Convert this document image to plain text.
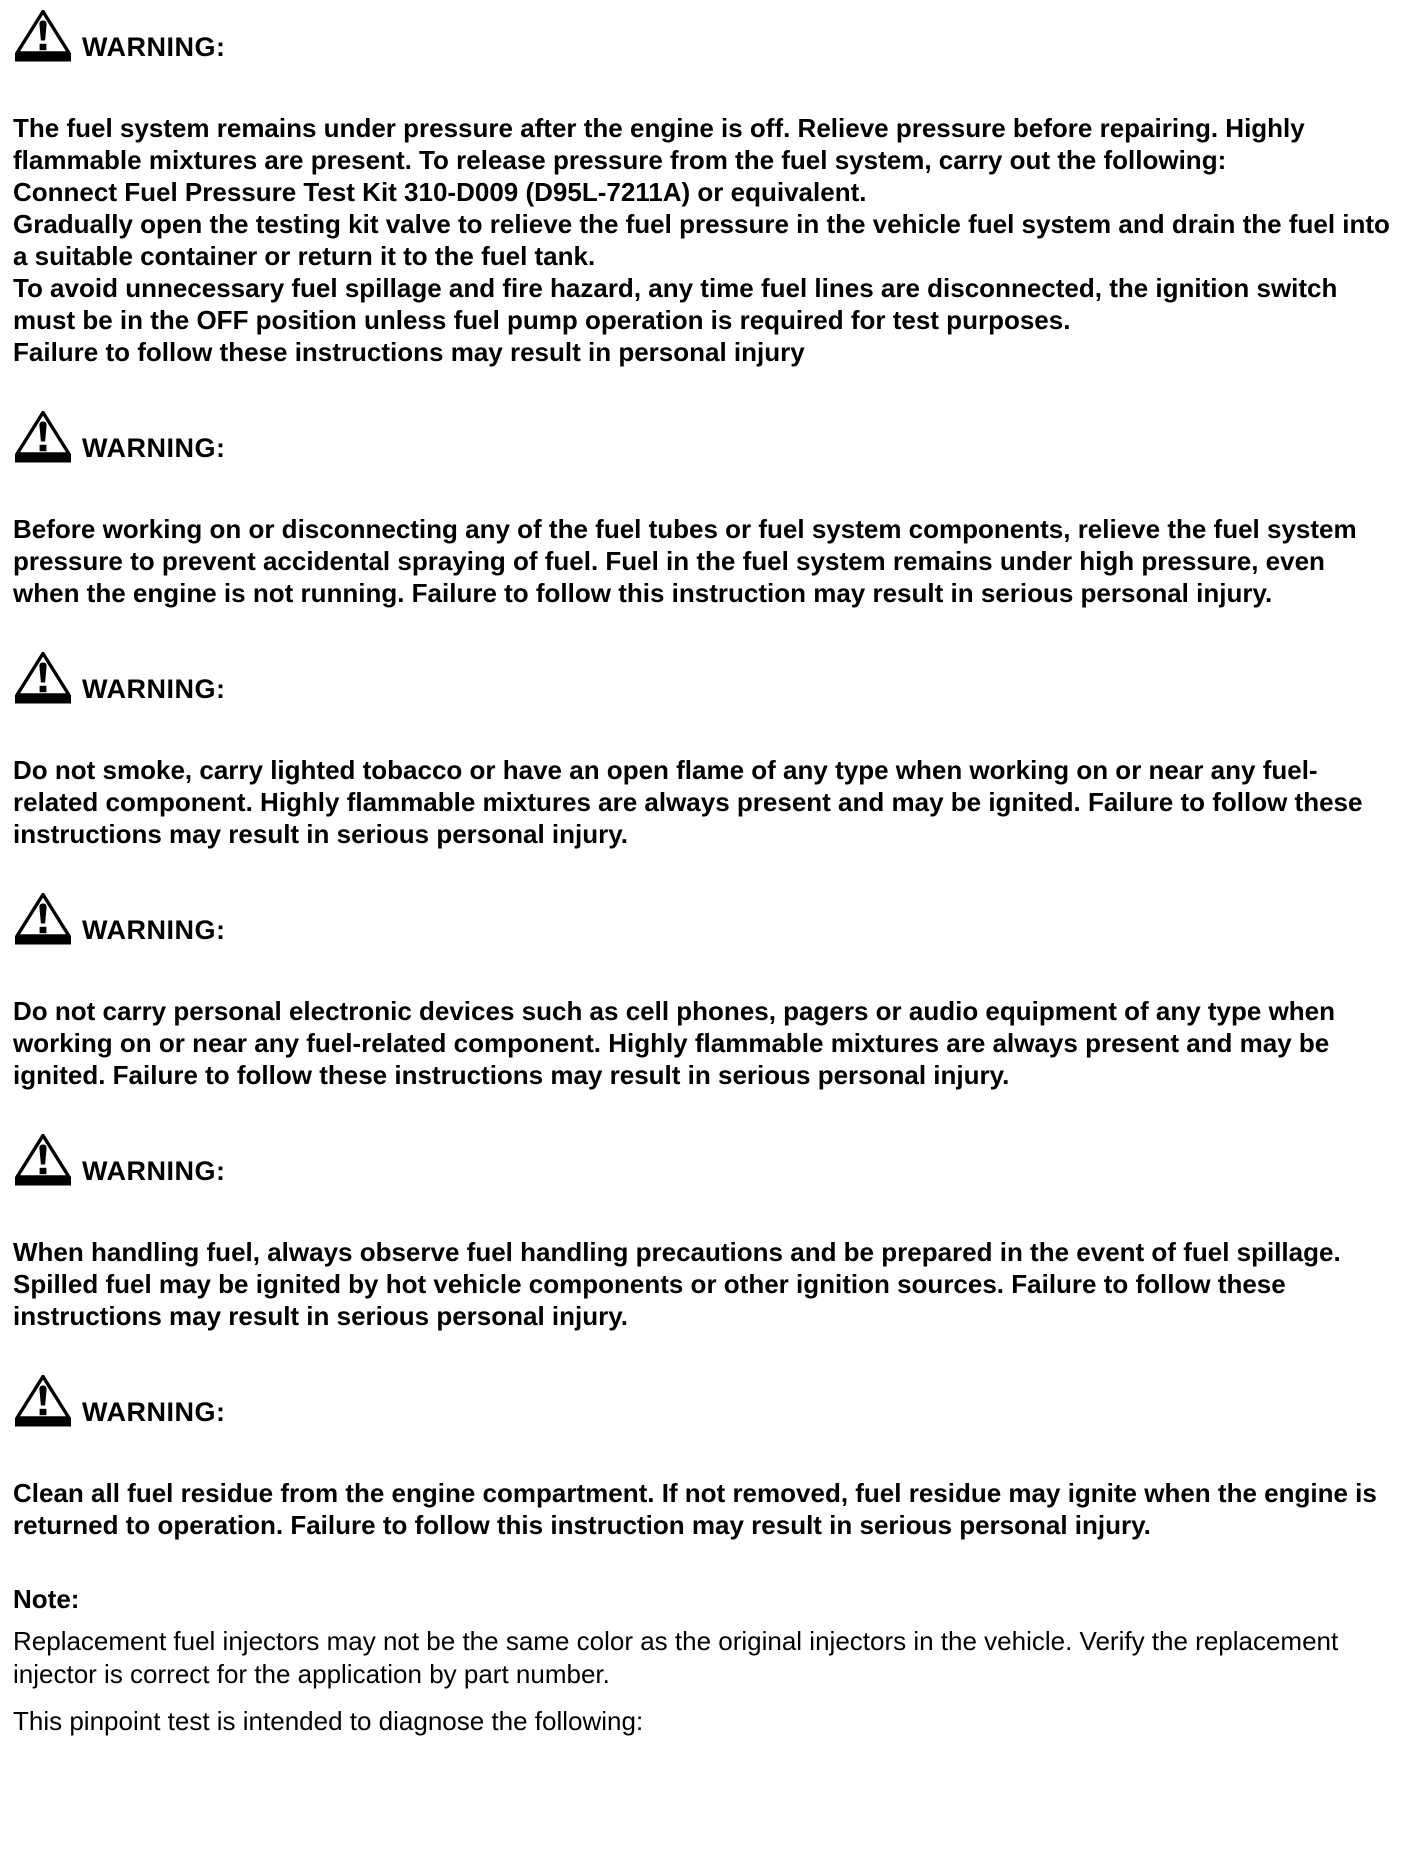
WARNING:

The fuel system remains under pressure after the engine is off. Relieve pressure before repairing. Highly flammable mixtures are present. To release pressure from the fuel system, carry out the following:

Connect Fuel Pressure Test Kit 310-D009 (D95L-7211A) or equivalent.

Gradually open the testing kit valve to relieve the fuel pressure in the vehicle fuel system and drain the fuel into a suitable container or return it to the fuel tank.

To avoid unnecessary fuel spillage and fire hazard, any time fuel lines are disconnected, the ignition switch must be in the OFF position unless fuel pump operation is required for test purposes.

Failure to follow these instructions may result in personal injury

WARNING:

Before working on or disconnecting any of the fuel tubes or fuel system components, relieve the fuel system pressure to prevent accidental spraying of fuel. Fuel in the fuel system remains under high pressure, even when the engine is not running. Failure to follow this instruction may result in serious personal injury.

WARNING:

Do not smoke, carry lighted tobacco or have an open flame of any type when working on or near any fuel-related component. Highly flammable mixtures are always present and may be ignited. Failure to follow these instructions may result in serious personal injury.

WARNING:

Do not carry personal electronic devices such as cell phones, pagers or audio equipment of any type when working on or near any fuel-related component. Highly flammable mixtures are always present and may be ignited. Failure to follow these instructions may result in serious personal injury.

WARNING:

When handling fuel, always observe fuel handling precautions and be prepared in the event of fuel spillage. Spilled fuel may be ignited by hot vehicle components or other ignition sources. Failure to follow these instructions may result in serious personal injury.

WARNING:

Clean all fuel residue from the engine compartment. If not removed, fuel residue may ignite when the engine is returned to operation. Failure to follow this instruction may result in serious personal injury.

Note:

Replacement fuel injectors may not be the same color as the original injectors in the vehicle. Verify the replacement injector is correct for the application by part number.

This pinpoint test is intended to diagnose the following:
